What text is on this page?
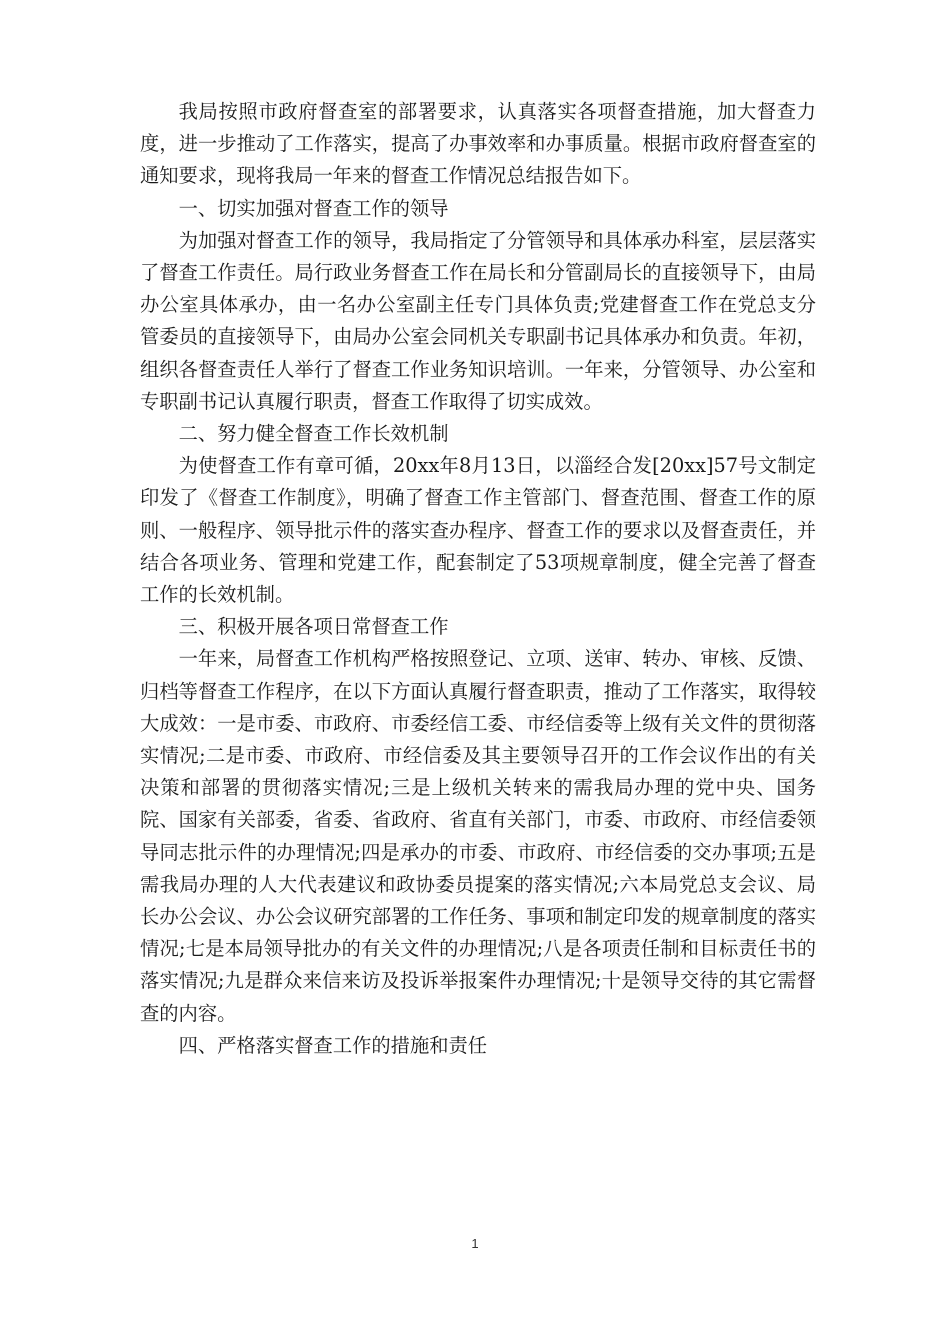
我局按照市政府督查室的部署要求，认真落实各项督查措施，加大督查力度，进一步推动了工作落实，提高了办事效率和办事质量。根据市政府督查室的通知要求，现将我局一年来的督查工作情况总结报告如下。

一、切实加强对督查工作的领导

为加强对督查工作的领导，我局指定了分管领导和具体承办科室，层层落实了督查工作责任。局行政业务督查工作在局长和分管副局长的直接领导下，由局办公室具体承办，由一名办公室副主任专门具体负责;党建督查工作在党总支分管委员的直接领导下，由局办公室会同机关专职副书记具体承办和负责。年初，组织各督查责任人举行了督查工作业务知识培训。一年来，分管领导、办公室和专职副书记认真履行职责，督查工作取得了切实成效。

二、努力健全督查工作长效机制

为使督查工作有章可循，20xx年8月13日，以淄经合发[20xx]57号文制定印发了《督查工作制度》，明确了督查工作主管部门、督查范围、督查工作的原则、一般程序、领导批示件的落实查办程序、督查工作的要求以及督查责任，并结合各项业务、管理和党建工作，配套制定了53项规章制度，健全完善了督查工作的长效机制。

三、积极开展各项日常督查工作

一年来，局督查工作机构严格按照登记、立项、送审、转办、审核、反馈、归档等督查工作程序，在以下方面认真履行督查职责，推动了工作落实，取得较大成效：一是市委、市政府、市委经信工委、市经信委等上级有关文件的贯彻落实情况;二是市委、市政府、市经信委及其主要领导召开的工作会议作出的有关决策和部署的贯彻落实情况;三是上级机关转来的需我局办理的党中央、国务院、国家有关部委，省委、省政府、省直有关部门，市委、市政府、市经信委领导同志批示件的办理情况;四是承办的市委、市政府、市经信委的交办事项;五是需我局办理的人大代表建议和政协委员提案的落实情况;六本局党总支会议、局长办公会议、办公会议研究部署的工作任务、事项和制定印发的规章制度的落实情况;七是本局领导批办的有关文件的办理情况;八是各项责任制和目标责任书的落实情况;九是群众来信来访及投诉举报案件办理情况;十是领导交待的其它需督查的内容。

四、严格落实督查工作的措施和责任

1
